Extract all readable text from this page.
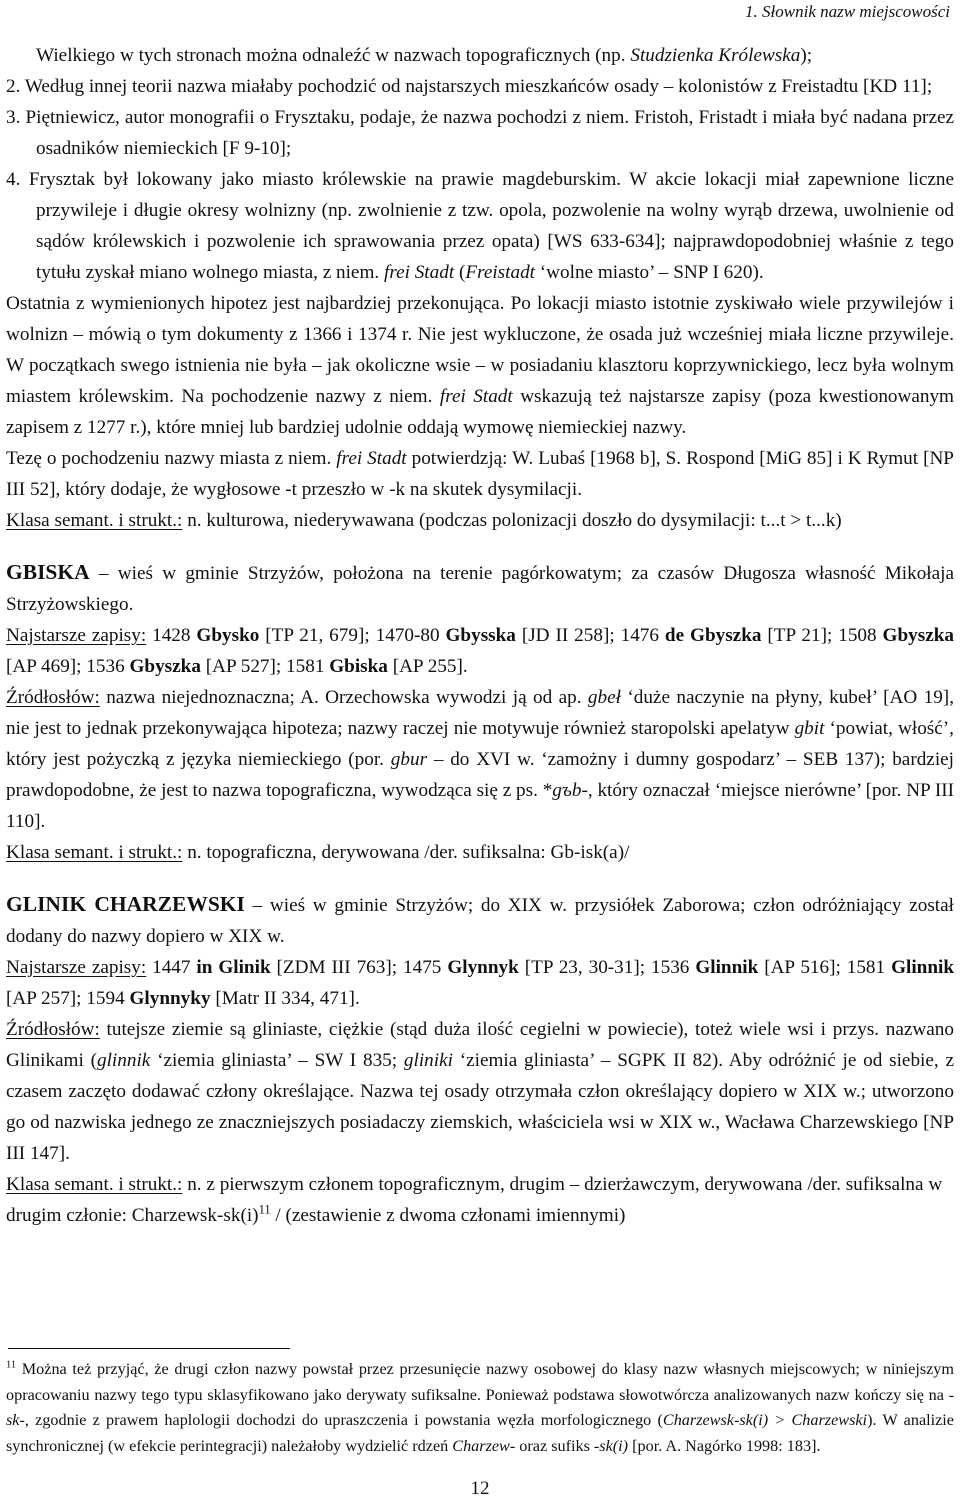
1. Słownik nazw miejscowości

Wielkiego w tych stronach można odnaleźć w nazwach topograficznych (np. Studzienka Królewska);

2. Według innej teorii nazwa miałaby pochodzić od najstarszych mieszkańców osady – kolonistów z Freistadtu [KD 11];

3. Piętniewicz, autor monografii o Frysztaku, podaje, że nazwa pochodzi z niem. Fristoh, Fristadt i miała być nadana przez osadników niemieckich [F 9-10];

4. Frysztak był lokowany jako miasto królewskie na prawie magdeburskim. W akcie lokacji miał zapewnione liczne przywileje i długie okresy wolnizny (np. zwolnienie z tzw. opola, pozwolenie na wolny wyrąb drzewa, uwolnienie od sądów królewskich i pozwolenie ich sprawowania przez opata) [WS 633-634]; najprawdopodobniej właśnie z tego tytułu zyskał miano wolnego miasta, z niem. frei Stadt (Freistadt ‘wolne miasto’ – SNP I 620).

Ostatnia z wymienionych hipotez jest najbardziej przekonująca. Po lokacji miasto istotnie zyskiwało wiele przywilejów i wolnizn – mówią o tym dokumenty z 1366 i 1374 r. Nie jest wykluczone, że osada już wcześniej miała liczne przywileje. W początkach swego istnienia nie była – jak okoliczne wsie – w posiadaniu klasztoru koprzywnickiego, lecz była wolnym miastem królewskim. Na pochodzenie nazwy z niem. frei Stadt wskazują też najstarsze zapisy (poza kwestionowanym zapisem z 1277 r.), które mniej lub bardziej udolnie oddają wymowę niemieckiej nazwy.

Tezę o pochodzeniu nazwy miasta z niem. frei Stadt potwierdzją: W. Lubaś [1968 b], S. Rospond [MiG 85] i K Rymut [NP III 52], który dodaje, że wygłosowe -t przeszło w -k na skutek dysymilacji.

Klasa semant. i strukt.: n. kulturowa, niederywawana (podczas polonizacji doszło do dysymilacji: t...t > t...k)

GBISKA – wieś w gminie Strzyżów, położona na terenie pagórkowatym; za czasów Długosza własność Mikołaja Strzyżowskiego.

Najstarsze zapisy: 1428 Gbysko [TP 21, 679]; 1470-80 Gbysska [JD II 258]; 1476 de Gbyszka [TP 21]; 1508 Gbyszka [AP 469]; 1536 Gbyszka [AP 527]; 1581 Gbiska [AP 255].

Źródłosłów: nazwa niejednoznaczna; A. Orzechowska wywodzi ją od ap. gbeł ‘duże naczynie na płyny, kubeł’ [AO 19], nie jest to jednak przekonywająca hipoteza; nazwy raczej nie motywuje również staropolski apelatyw gbit ‘powiat, włość’, który jest pożyczką z języka niemieckiego (por. gbur – do XVI w. ‘zamożny i dumny gospodarz’ – SEB 137); bardziej prawdopodobne, że jest to nazwa topograficzna, wywodząca się z ps. *gъb-, który oznaczał ‘miejsce nierówne’ [por. NP III 110].

Klasa semant. i strukt.: n. topograficzna, derywowana /der. sufiksalna: Gb-isk(a)/

GLINIK CHARZEWSKI – wieś w gminie Strzyżów; do XIX w. przysiółek Zaborowa; człon odróżniający został dodany do nazwy dopiero w XIX w.

Najstarsze zapisy: 1447 in Glinik [ZDM III 763]; 1475 Glynnyk [TP 23, 30-31]; 1536 Glinnik [AP 516]; 1581 Glinnik [AP 257]; 1594 Glynnyky [Matr II 334, 471].

Źródłosłów: tutejsze ziemie są gliniaste, ciężkie (stąd duża ilość cegielni w powiecie), toteż wiele wsi i przys. nazwano Glinikami (glinnik ‘ziemia gliniasta’ – SW I 835; gliniki ‘ziemia gliniasta’ – SGPK II 82). Aby odróżnić je od siebie, z czasem zaczęto dodawać człony określające. Nazwa tej osady otrzymała człon określający dopiero w XIX w.; utworzono go od nazwiska jednego ze znaczniejszych posiadaczy ziemskich, właściciela wsi w XIX w., Wacława Charzewskiego [NP III 147].

Klasa semant. i strukt.: n. z pierwszym członem topograficznym, drugim – dzierżawczym, derywowana /der. sufiksalna w drugim członie: Charzewsk-$sk(i)^{11}$ / (zestawienie z dwoma członami imiennymi)

$^{11}$ Można też przyjąć, że drugi człon nazwy powstał przez przesunięcie nazwy osobowej do klasy nazw własnych miejscowych; w niniejszym opracowaniu nazwy tego typu sklasyfikowano jako derywaty sufiksalne. Ponieważ podstawa słowotwórcza analizowanych nazw kończy się na -sk-, zgodnie z prawem haplologii dochodzi do upraszczenia i powstania węzła morfologicznego (Charzewsk-sk(i) > Charzewski). W analizie synchronicznej (w efekcie perintegracji) należałoby wydzielić rdzeń Charzew- oraz sufiks -sk(i) [por. A. Nagórko 1998: 183].

12
